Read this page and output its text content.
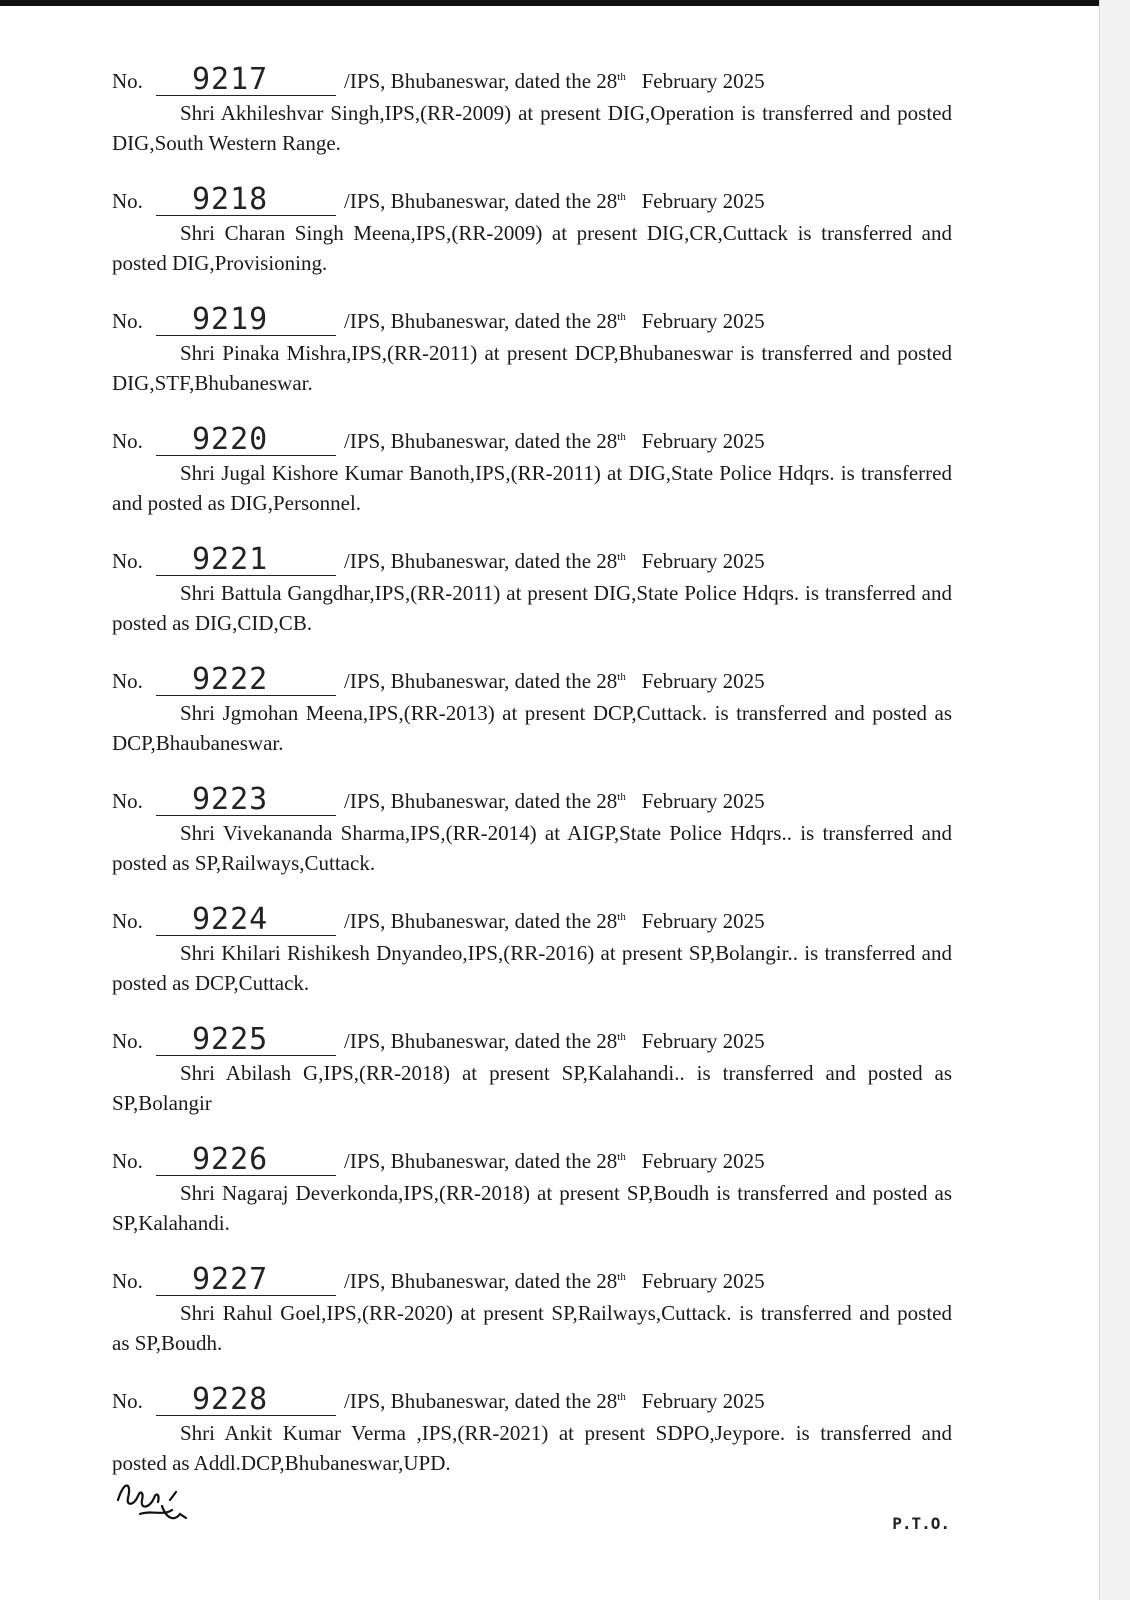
No.	9217	/IPS, Bhubaneswar, dated the 28th February 2025
Shri Akhileshvar Singh,IPS,(RR-2009) at present DIG,Operation is transferred and posted DIG,South Western Range.
No.	9218	/IPS, Bhubaneswar, dated the 28th February 2025
Shri Charan Singh Meena,IPS,(RR-2009) at present DIG,CR,Cuttack is transferred and posted DIG,Provisioning.
No.	9219	/IPS, Bhubaneswar, dated the 28th February 2025
Shri Pinaka Mishra,IPS,(RR-2011) at present DCP,Bhubaneswar is transferred and posted DIG,STF,Bhubaneswar.
No.	9220	/IPS, Bhubaneswar, dated the 28th February 2025
Shri Jugal Kishore Kumar Banoth,IPS,(RR-2011) at DIG,State Police Hdqrs. is transferred and posted as DIG,Personnel.
No.	9221	/IPS, Bhubaneswar, dated the 28th February 2025
Shri Battula Gangdhar,IPS,(RR-2011) at present DIG,State Police Hdqrs. is transferred and posted as DIG,CID,CB.
No.	9222	/IPS, Bhubaneswar, dated the 28th February 2025
Shri Jgmohan Meena,IPS,(RR-2013) at present DCP,Cuttack. is transferred and posted as DCP,Bhaubaneswar.
No.	9223	/IPS, Bhubaneswar, dated the 28th February 2025
Shri Vivekananda Sharma,IPS,(RR-2014) at AIGP,State Police Hdqrs.. is transferred and posted as SP,Railways,Cuttack.
No.	9224	/IPS, Bhubaneswar, dated the 28th February 2025
Shri Khilari Rishikesh Dnyandeo,IPS,(RR-2016) at present SP,Bolangir.. is transferred and posted as DCP,Cuttack.
No.	9225	/IPS, Bhubaneswar, dated the 28th February 2025
Shri Abilash G,IPS,(RR-2018) at present SP,Kalahandi.. is transferred and posted as SP,Bolangir
No.	9226	/IPS, Bhubaneswar, dated the 28th February 2025
Shri Nagaraj Deverkonda,IPS,(RR-2018) at present SP,Boudh is transferred and posted as SP,Kalahandi.
No.	9227	/IPS, Bhubaneswar, dated the 28th February 2025
Shri Rahul Goel,IPS,(RR-2020) at present SP,Railways,Cuttack. is transferred and posted as SP,Boudh.
No.	9228	/IPS, Bhubaneswar, dated the 28th February 2025
Shri Ankit Kumar Verma ,IPS,(RR-2021) at present SDPO,Jeypore. is transferred and posted as Addl.DCP,Bhubaneswar,UPD.
P.T.O.
